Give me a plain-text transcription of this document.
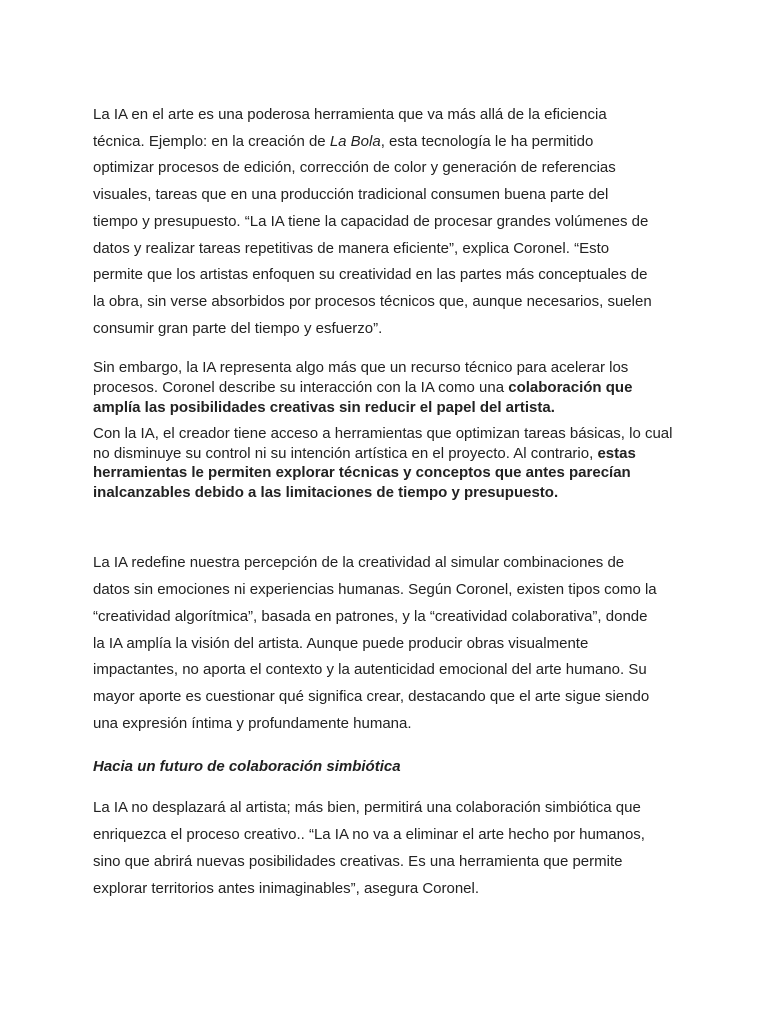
La IA en el arte es una poderosa herramienta que va más allá de la eficiencia
técnica. Ejemplo: en la creación de La Bola, esta tecnología le ha permitido
optimizar procesos de edición, corrección de color y generación de referencias
visuales, tareas que en una producción tradicional consumen buena parte del
tiempo y presupuesto. “La IA tiene la capacidad de procesar grandes volúmenes de
datos y realizar tareas repetitivas de manera eficiente”, explica Coronel. “Esto
permite que los artistas enfoquen su creatividad en las partes más conceptuales de
la obra, sin verse absorbidos por procesos técnicos que, aunque necesarios, suelen
consumir gran parte del tiempo y esfuerzo”.

Sin embargo, la IA representa algo más que un recurso técnico para acelerar los procesos. Coronel describe su interacción con la IA como una colaboración que amplía las posibilidades creativas sin reducir el papel del artista.

Con la IA, el creador tiene acceso a herramientas que optimizan tareas básicas, lo cual no disminuye su control ni su intención artística en el proyecto. Al contrario, estas herramientas le permiten explorar técnicas y conceptos que antes parecían inalcanzables debido a las limitaciones de tiempo y presupuesto.

La IA redefine nuestra percepción de la creatividad al simular combinaciones de
datos sin emociones ni experiencias humanas. Según Coronel, existen tipos como la
“creatividad algorítmica”, basada en patrones, y la “creatividad colaborativa”, donde
la IA amplía la visión del artista. Aunque puede producir obras visualmente
impactantes, no aporta el contexto y la autenticidad emocional del arte humano. Su
mayor aporte es cuestionar qué significa crear, destacando que el arte sigue siendo
una expresión íntima y profundamente humana.

Hacia un futuro de colaboración simbiótica

La IA no desplazará al artista; más bien, permitirá una colaboración simbiótica que
enriquezca el proceso creativo.. “La IA no va a eliminar el arte hecho por humanos,
sino que abrirá nuevas posibilidades creativas. Es una herramienta que permite
explorar territorios antes inimaginables”, asegura Coronel.
